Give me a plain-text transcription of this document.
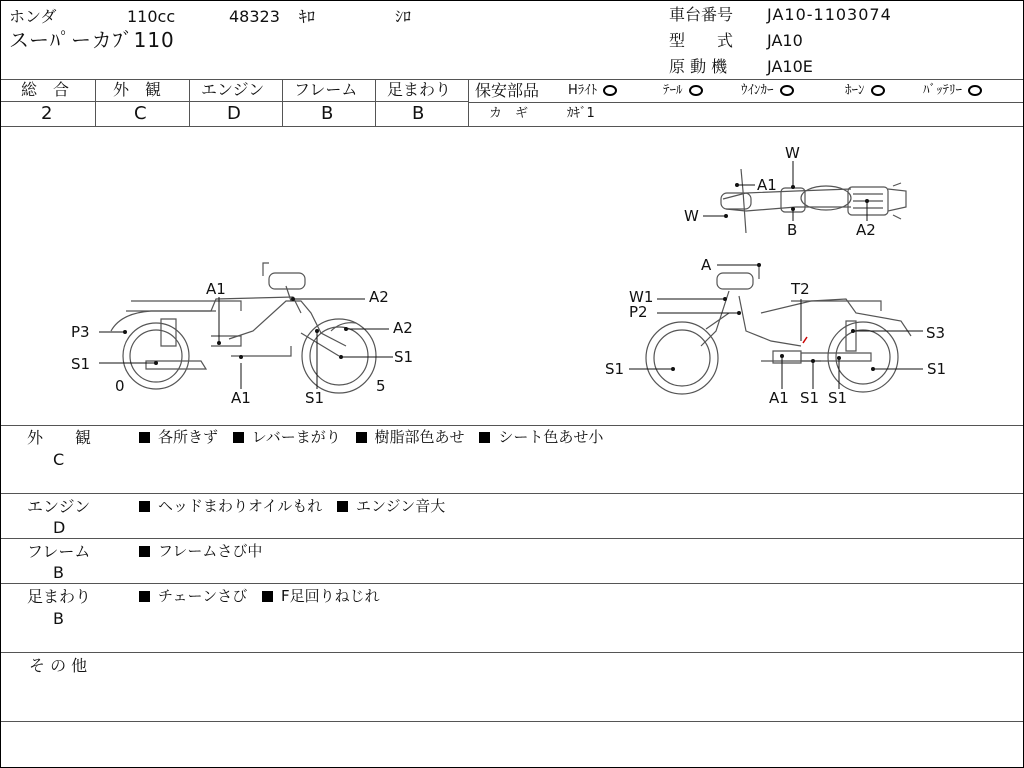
ホンダ	110cc	48323 ｷﾛ	ｼﾛ
スーﾊﾟーカﾌﾞ110
車台番号 JA10-1103074
型　　式 JA10
原 動 機 JA10E
総　合	外　観 エンジン フレーム 足まわり
2	C	D	B	B
保安部品 Hﾗｲﾄ	ﾃｰﾙ	ｳｲﾝｶｰ	ﾎｰﾝ	ﾊﾞｯﾃﾘｰ
カ　ギ	ｶｷﾞ1
W
A1
W
B	A2
A1	A2
A2
P3
S1	S1
0
A1	S1
5
A
W1
P2
T2
S3
S1	S1
A1 S1 S1
外　　観
C
各所きず レバーまがり 樹脂部色あせ シート色あせ小
エンジン
D
ヘッドまわりオイルもれ エンジン音大
フレーム
B
フレームさび中
足まわり
B
チェーンさび F足回りねじれ
そ の 他
